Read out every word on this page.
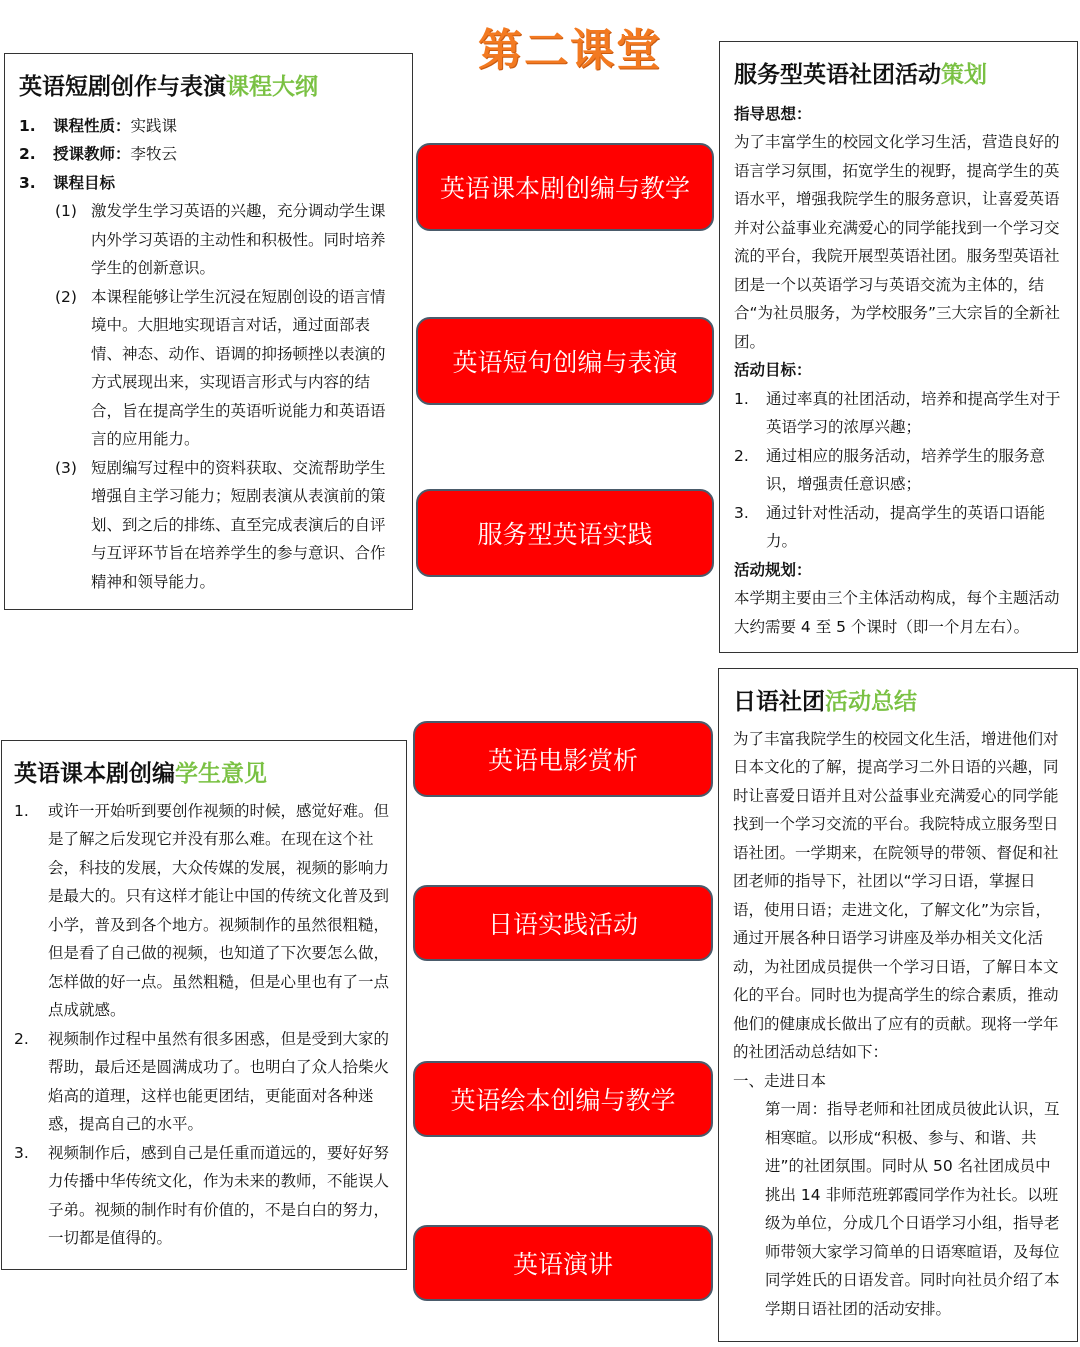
第二课堂
英语短剧创作与表演课程大纲
1.	课程性质： 实践课
2.	授课教师： 李牧云
3.	课程目标
(1) 激发学生学习英语的兴趣，充分调动学生课内外学习英语的主动性和积极性。同时培养学生的创新意识。
(2) 本课程能够让学生沉浸在短剧创设的语言情境中。大胆地实现语言对话，通过面部表情、神态、动作、语调的抑扬顿挫以表演的方式展现出来，实现语言形式与内容的结合，旨在提高学生的英语听说能力和英语语言的应用能力。
(3) 短剧编写过程中的资料获取、交流帮助学生增强自主学习能力；短剧表演从表演前的策划、到之后的排练、直至完成表演后的自评与互评环节旨在培养学生的参与意识、合作精神和领导能力。
英语课本剧创编学生意见
1.	或许一开始听到要创作视频的时候，感觉好难。但是了解之后发现它并没有那么难。在现在这个社会，科技的发展，大众传媒的发展，视频的影响力是最大的。只有这样才能让中国的传统文化普及到小学，普及到各个地方。视频制作的虽然很粗糙，但是看了自己做的视频，也知道了下次要怎么做，怎样做的好一点。虽然粗糙，但是心里也有了一点点成就感。
2.	视频制作过程中虽然有很多困惑，但是受到大家的帮助，最后还是圆满成功了。也明白了众人拾柴火焰高的道理，这样也能更团结，更能面对各种迷惑，提高自己的水平。
3.	视频制作后，感到自己是任重而道远的，要好好努力传播中华传统文化，作为未来的教师，不能误人子弟。视频的制作时有价值的，不是白白的努力，一切都是值得的。
服务型英语社团活动策划
指导思想：
为了丰富学生的校园文化学习生活，营造良好的语言学习氛围，拓宽学生的视野，提高学生的英语水平，增强我院学生的服务意识，让喜爱英语并对公益事业充满爱心的同学能找到一个学习交流的平台，我院开展型英语社团。服务型英语社团是一个以英语学习与英语交流为主体的，结合“为社员服务，为学校服务”三大宗旨的全新社团。
活动目标：
1.	通过率真的社团活动，培养和提高学生对于英语学习的浓厚兴趣；
2.	通过相应的服务活动，培养学生的服务意识，增强责任意识感；
3.	通过针对性活动，提高学生的英语口语能力。
活动规划：
本学期主要由三个主体活动构成，每个主题活动大约需要 4 至 5 个课时（即一个月左右）。
日语社团活动总结
为了丰富我院学生的校园文化生活，增进他们对日本文化的了解，提高学习二外日语的兴趣，同时让喜爱日语并且对公益事业充满爱心的同学能找到一个学习交流的平台。我院特成立服务型日语社团。一学期来，在院领导的带领、督促和社团老师的指导下，社团以“学习日语，掌握日语，使用日语；走进文化，了解文化”为宗旨，通过开展各种日语学习讲座及举办相关文化活动，为社团成员提供一个学习日语，了解日本文化的平台。同时也为提高学生的综合素质，推动他们的健康成长做出了应有的贡献。现将一学年的社团活动总结如下：
一、走进日本
第一周：指导老师和社团成员彼此认识，互相寒暄。以形成“积极、参与、和谐、共进”的社团氛围。同时从 50 名社团成员中挑出 14 非师范班郭霞同学作为社长。以班级为单位，分成几个日语学习小组，指导老师带领大家学习简单的日语寒暄语，及每位同学姓氏的日语发音。同时向社员介绍了本学期日语社团的活动安排。
英语课本剧创编与教学
英语短句创编与表演
服务型英语实践
英语电影赏析
日语实践活动
英语绘本创编与教学
英语演讲
